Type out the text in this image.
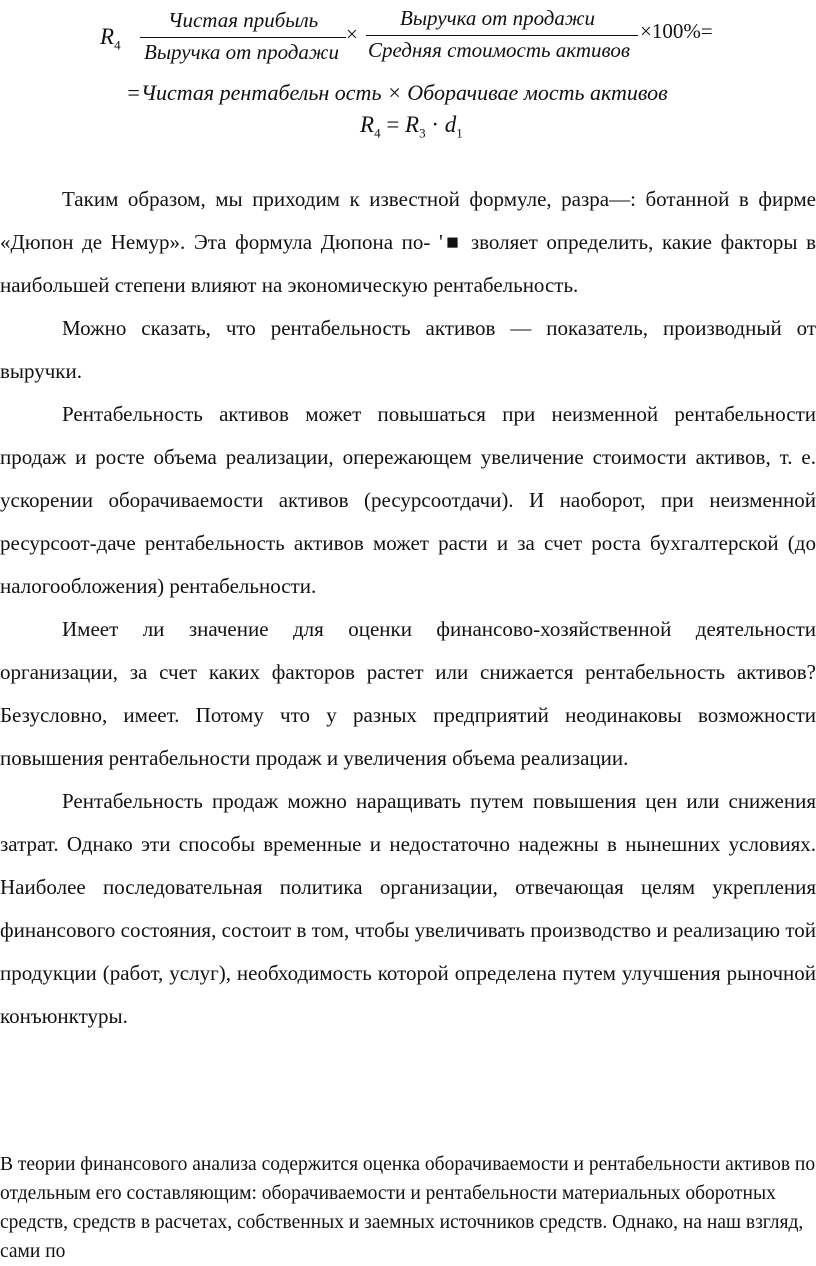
$R_4$
Чистая прибыль
Выручка от продажи
×
Выручка от продажи
Средняя стоимость активов
×100%=
=Чистая рентабельн ость × Оборачивае мость активов
$R_4 = R_3 \cdot d_1$

Таким образом, мы приходим к известной формуле, разра—: ботанной в фирме «Дюпон де Немур». Эта формула Дюпона по- '■ зволяет определить, какие факторы в наибольшей степени влияют на экономическую рентабельность.

Можно сказать, что рентабельность активов — показатель, производный от выручки.

Рентабельность активов может повышаться при неизменной рентабельности продаж и росте объема реализации, опережающем увеличение стоимости активов, т. е. ускорении оборачиваемости активов (ресурсоотдачи). И наоборот, при неизменной ресурсоот-даче рентабельность активов может расти и за счет роста бухгалтерской (до налогообложения) рентабельности.

Имеет ли значение для оценки финансово-хозяйственной деятельности организации, за счет каких факторов растет или снижается рентабельность активов? Безусловно, имеет. Потому что у разных предприятий неодинаковы возможности повышения рентабельности продаж и увеличения объема реализации.

Рентабельность продаж можно наращивать путем повышения цен или снижения затрат. Однако эти способы временные и недостаточно надежны в нынешних условиях. Наиболее последовательная политика организации, отвечающая целям укрепления финансового состояния, состоит в том, чтобы увеличивать производство и реализацию той продукции (работ, услуг), необходимость которой определена путем улучшения рыночной конъюнктуры.

В теории финансового анализа содержится оценка оборачиваемости и рентабельности активов по отдельным его составляющим: оборачиваемости и рентабельности материальных оборотных средств, средств в расчетах, собственных и заемных источников средств. Однако, на наш взгляд, сами по
